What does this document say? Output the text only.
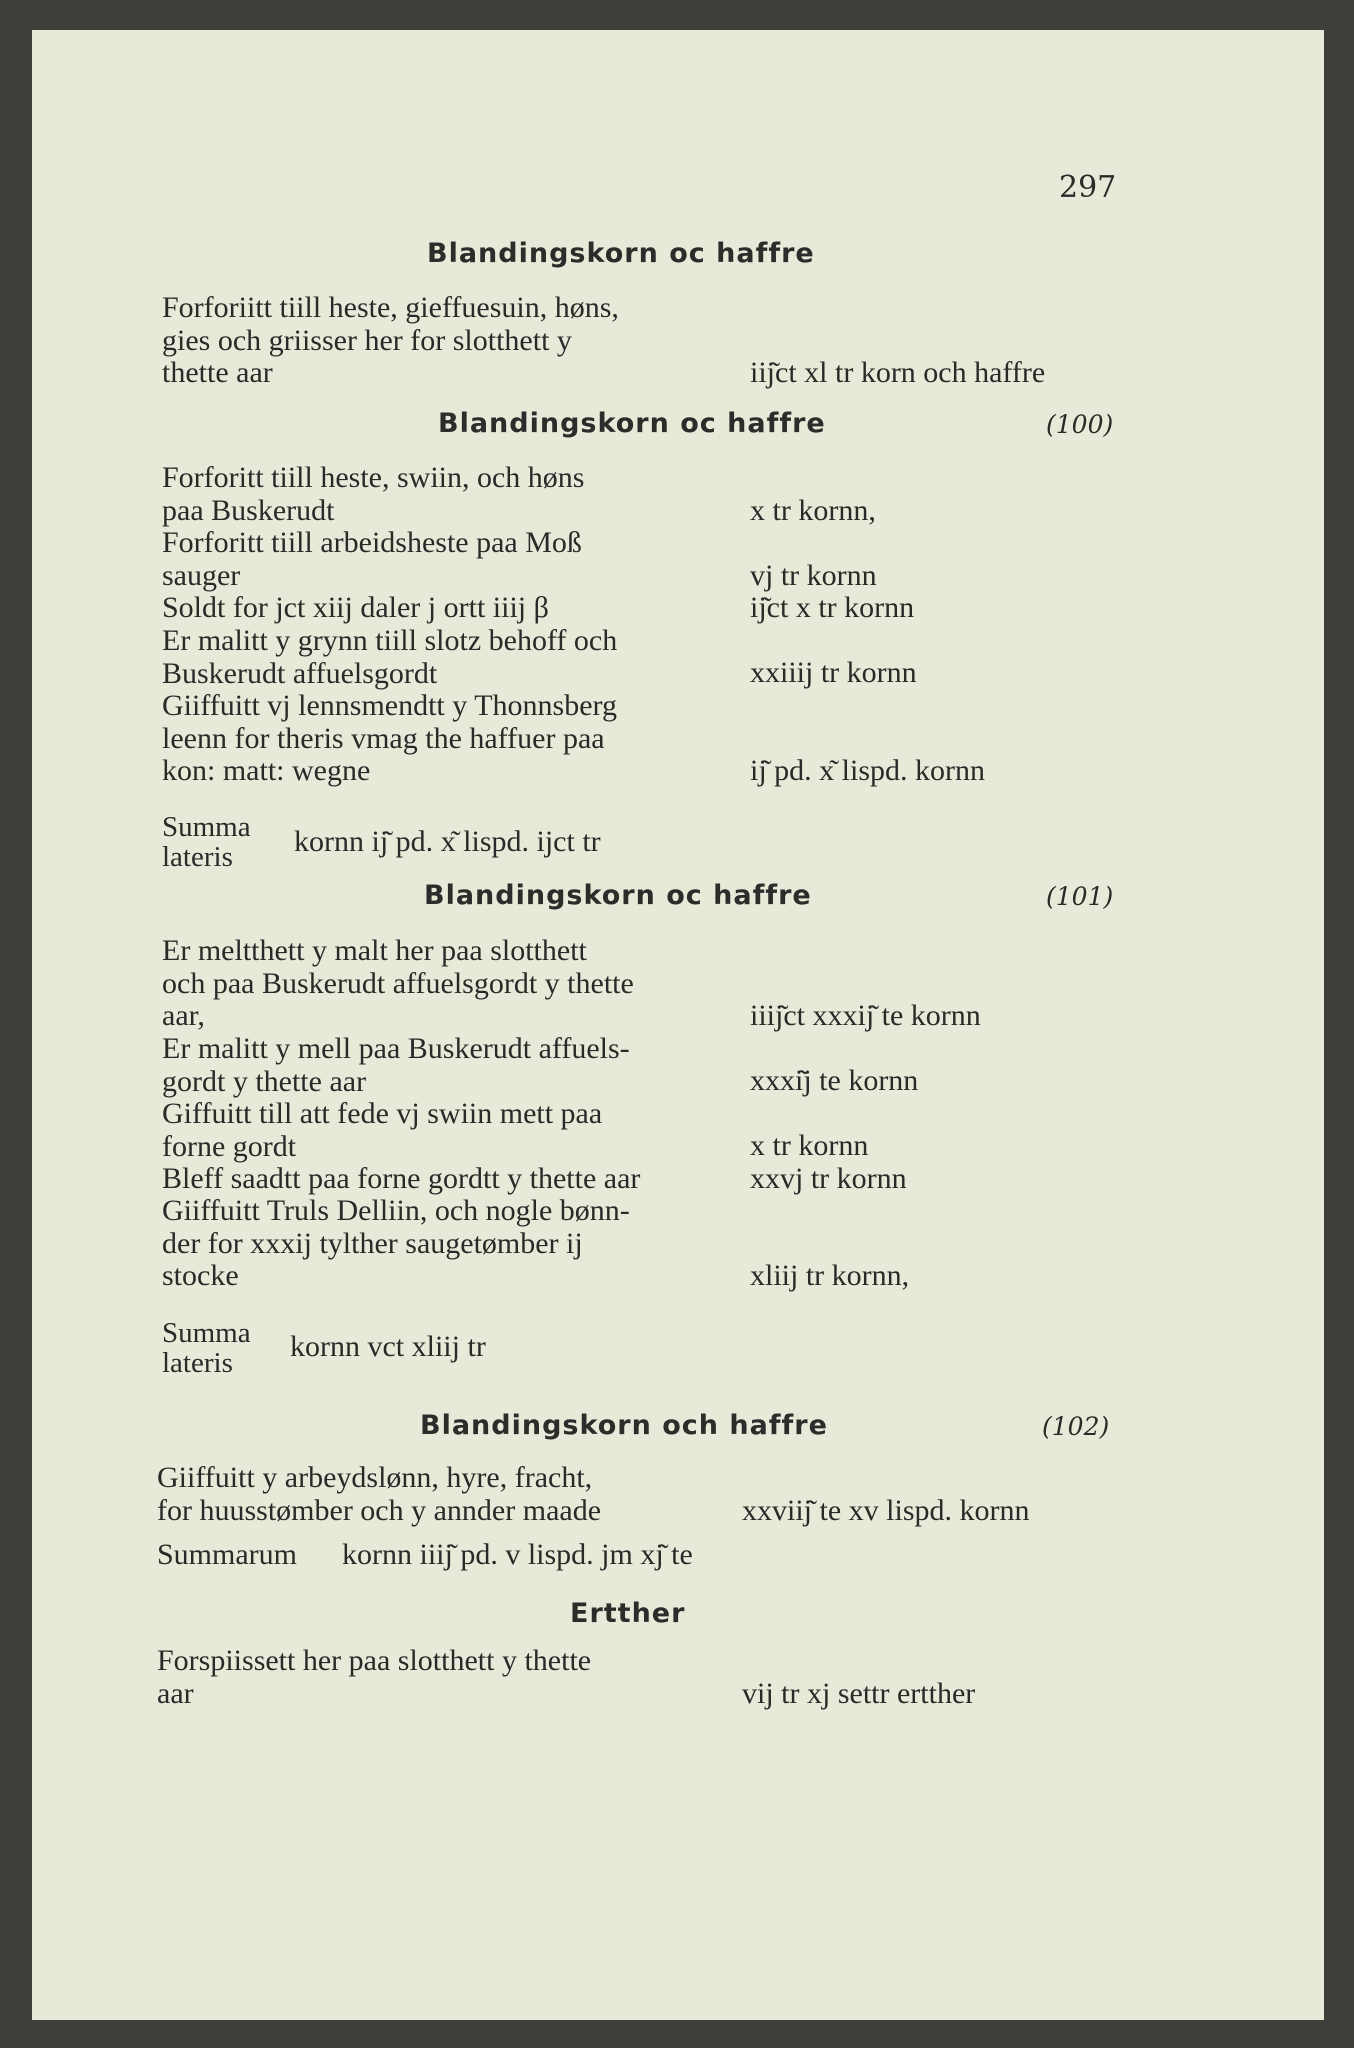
297
Blandingskorn oc haffre
Forforiitt tiill heste, gieffuesuin, høns,
gies och griisser her for slotthett y
thette aar	iij͂ct xl tr korn och haffre
Blandingskorn oc haffre	(100)
Forforitt tiill heste, swiin, och høns
paa Buskerudt	x tr kornn,
Forforitt tiill arbeidsheste paa Moß
sauger	vj tr kornn
Soldt for jct xiij daler j ortt iiij β	ij͂ct x tr kornn
Er malitt y grynn tiill slotz behoff och
Buskerudt affuelsgordt	xxiiij tr kornn
Giiffuitt vj lennsmendtt y Thonnsberg
leenn for theris vmag the haffuer paa
kon: matt: wegne	ij͂ pd. x͂ lispd. kornn
Summa
lateris	kornn ij͂ pd. x͂ lispd. ijct tr
Blandingskorn oc haffre	(101)
Er meltthett y malt her paa slotthett
och paa Buskerudt affuelsgordt y thette
aar,	iiij͂ct xxxij͂ te kornn
Er malitt y mell paa Buskerudt affuels-
gordt y thette aar	xxxi͂j te kornn
Giffuitt till att fede vj swiin mett paa
forne gordt	x tr kornn
Bleff saadtt paa forne gordtt y thette aar	xxvj tr kornn
Giiffuitt Truls Delliin, och nogle bønn-
der for xxxij tylther saugetømber ij
stocke	xliij tr kornn,
Summa
lateris	kornn vct xliij tr
Blandingskorn och haffre	(102)
Giiffuitt y arbeydslønn, hyre, fracht,
for huusstømber och y annder maade	xxviij͂ te xv lispd. kornn
Summarum kornn iiij͂ pd. v lispd. jm xj͂ te
Ertther
Forspiissett her paa slotthett y thette
aar	vij tr xj settr ertther
